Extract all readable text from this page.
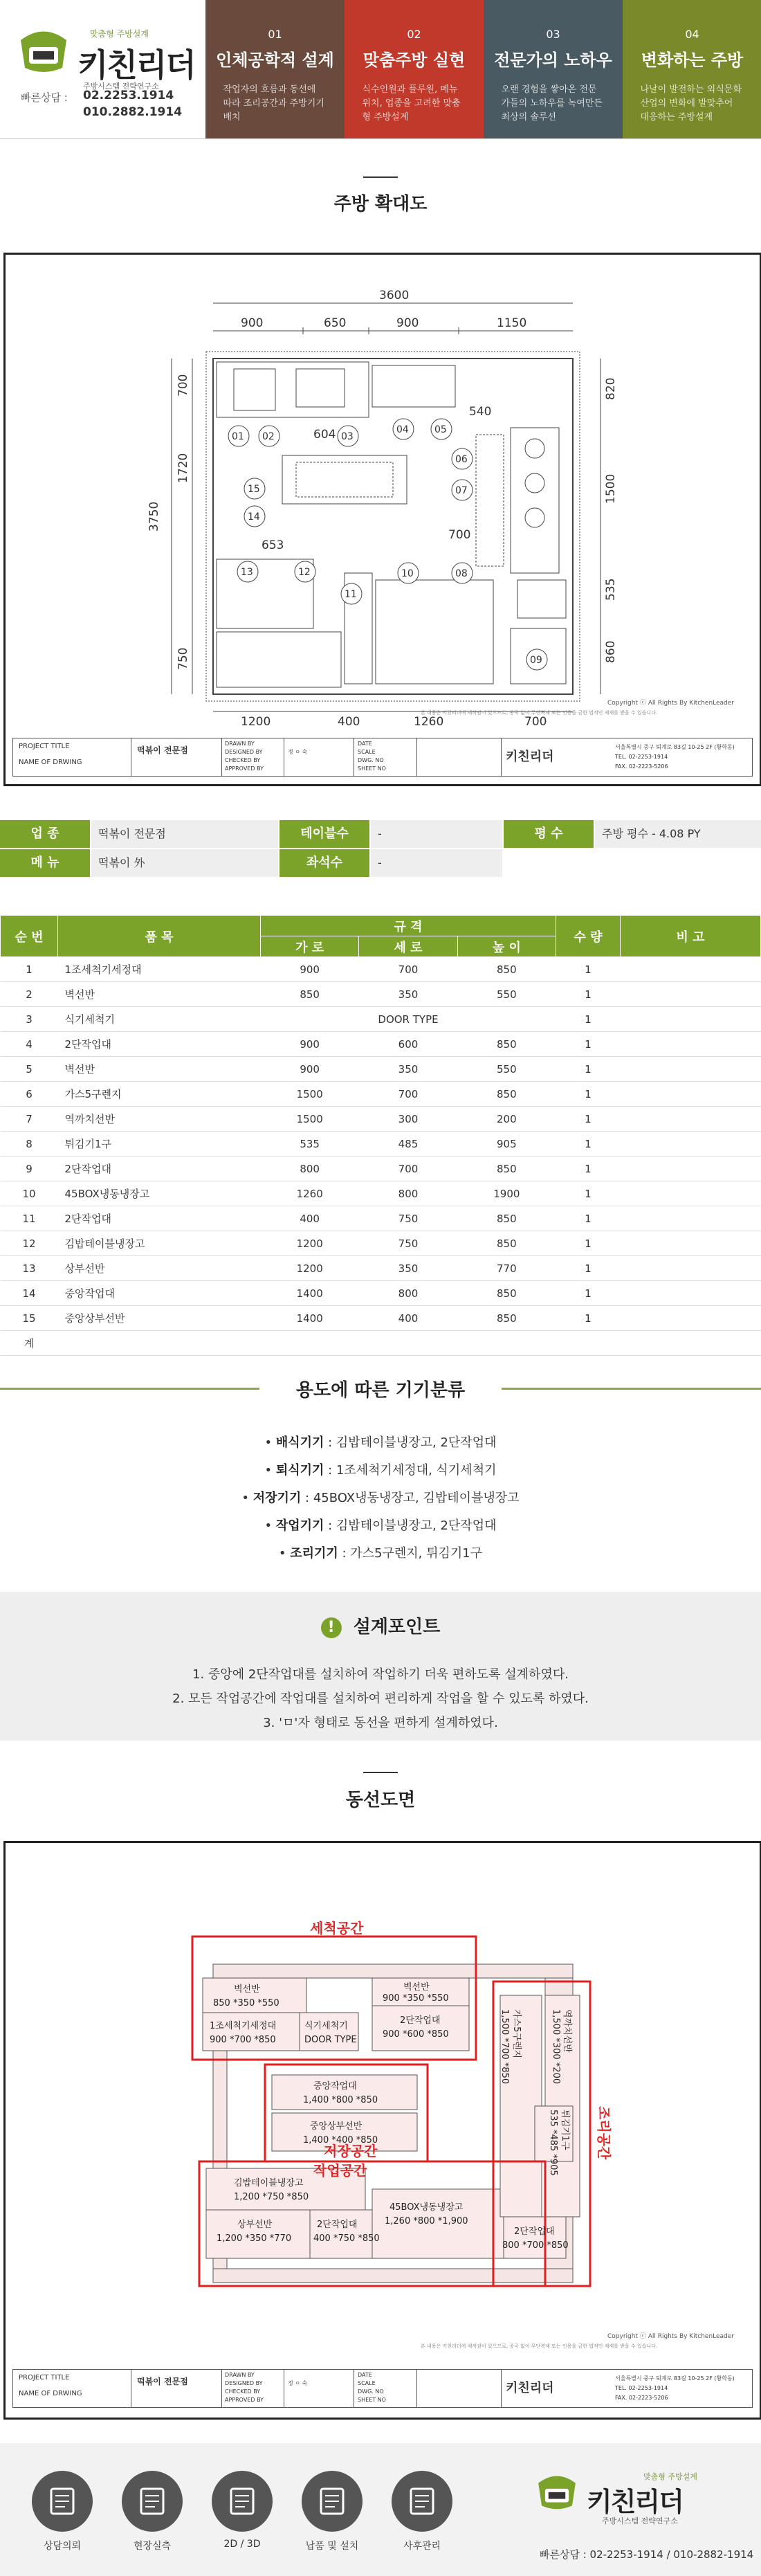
맞춤형 주방설계
키친리더
주방시스템 전략연구소
빠른상담 : 02.2253.1914
010.2882.1914
01
인체공학적 설계
작업자의 흐름과 동선에 따라 조리공간과 주방기기 배치
02
맞춤주방 실현
식수인원과 플루원, 메뉴위치, 업종을 고려한 맞춤형 주방설계
03
전문가의 노하우
오랜 경험을 쌓아온 전문가들의 노하우를 녹여만든 최상의 솔루션
04
변화하는 주방
나날이 발전하는 외식문화 산업의 변화에 발맞추어 대응하는 주방설계
주방 확대도
3600
900	650	900	1150
1200	400	1260	700
3750
700
1720
750
820
1500
535
860
604
700
653
540
01 02	03
04	05
06
07
08
09
10
11
12
13
14
15
Copyright ⓒ All Rights By KitchenLeader
본 내용은 키친리더에 제작권이 있으므로, 종국 없이 무단복제 또는 인용을 금한 법적인 제재를 받을 수 있습니다.
PROJECT TITLE
NAME OF DRWING
떡볶이 전문점
DRAWN BY
DESIGNED BY
CHECKED BY
APPROVED BY
정 ㅇ 숙
DATE
SCALE
DWG. NO
SHEET NO
키친리더
서울특별시 중구 퇴계로 83길 10-25 2F (황학동)
TEL. 02-2253-1914
FAX. 02-2223-5206
업 종	떡볶이 전문점	테이블수	-	평 수	주방 평수 - 4.08 PY
메 뉴	떡볶이 外	좌석수	-
순 번	품 목	규 격			수 량	비 고
		가 로	세 로	높 이		
1	1조세척기세정대	900	700	850	1	
2	벽선반	850	350	550	1	
3	식기세척기	DOOR TYPE			1	
4	2단작업대	900	600	850	1	
5	벽선반	900	350	550	1	
6	가스5구렌지	1500	700	850	1	
7	역까치선반	1500	300	200	1	
8	튀김기1구	535	485	905	1	
9	2단작업대	800	700	850	1	
10	45BOX냉동냉장고	1260	800	1900	1	
11	2단작업대	400	750	850	1	
12	김밥테이블냉장고	1200	750	850	1	
13	상부선반	1200	350	770	1	
14	중앙작업대	1400	800	850	1	
15	중앙상부선반	1400	400	850	1	
계						
용도에 따른 기기분류
• 배식기기 : 김밥테이블냉장고, 2단작업대
• 퇴식기기 : 1조세척기세정대, 식기세척기
• 저장기기 : 45BOX냉동냉장고, 김밥테이블냉장고
• 작업기기 : 김밥테이블냉장고, 2단작업대
• 조리기기 : 가스5구렌지, 튀김기1구
! 설계포인트
1. 중앙에 2단작업대를 설치하여 작업하기 더욱 편하도록 설계하였다.
2. 모든 작업공간에 작업대를 설치하여 편리하게 작업을 할 수 있도록 하였다.
3. 'ㅁ'자 형태로 동선을 편하게 설계하였다.
동선도면
세척공간
작업공간
저장공간	조리공간
벽선반
850 *350 *550
1조세척기세정대
900 *700 *850
식기세척기
DOOR TYPE
벽선반
900 *350 *550
2단작업대
900 *600 *850
중앙작업대
1,400 *800 *850
중앙상부선반
1,400 *400 *850
김밥테이블냉장고
1,200 *750 *850
상부선반
1,200 *350 *770
2단작업대
400 *750 *850
45BOX냉동냉장고
1,260 *800 *1,900
2단작업대
800 *700 *850
가스5구렌지
1,500 *700 *850	역까치선반
1,500 *300 *200
튀김기1구
535 *485 *905
Copyright ⓒ All Rights By KitchenLeader
본 내용은 키친리더에 제작권이 있으므로, 종국 없이 무단복제 또는 인용을 금한 법적인 제재를 받을 수 있습니다.
PROJECT TITLE
NAME OF DRWING
떡볶이 전문점
DRAWN BY
DESIGNED BY
CHECKED BY
APPROVED BY
정 ㅇ 숙
DATE
SCALE
DWG. NO
SHEET NO
키친리더
서울특별시 중구 퇴계로 83길 10-25 2F (황학동)
TEL. 02-2253-1914
FAX. 02-2223-5206
상담의뢰	현장실측	2D / 3D	납품 및 설치	사후관리
맞춤형 주방설계
키친리더
주방시스템 전략연구소
빠른상담 : 02-2253-1914 / 010-2882-1914
